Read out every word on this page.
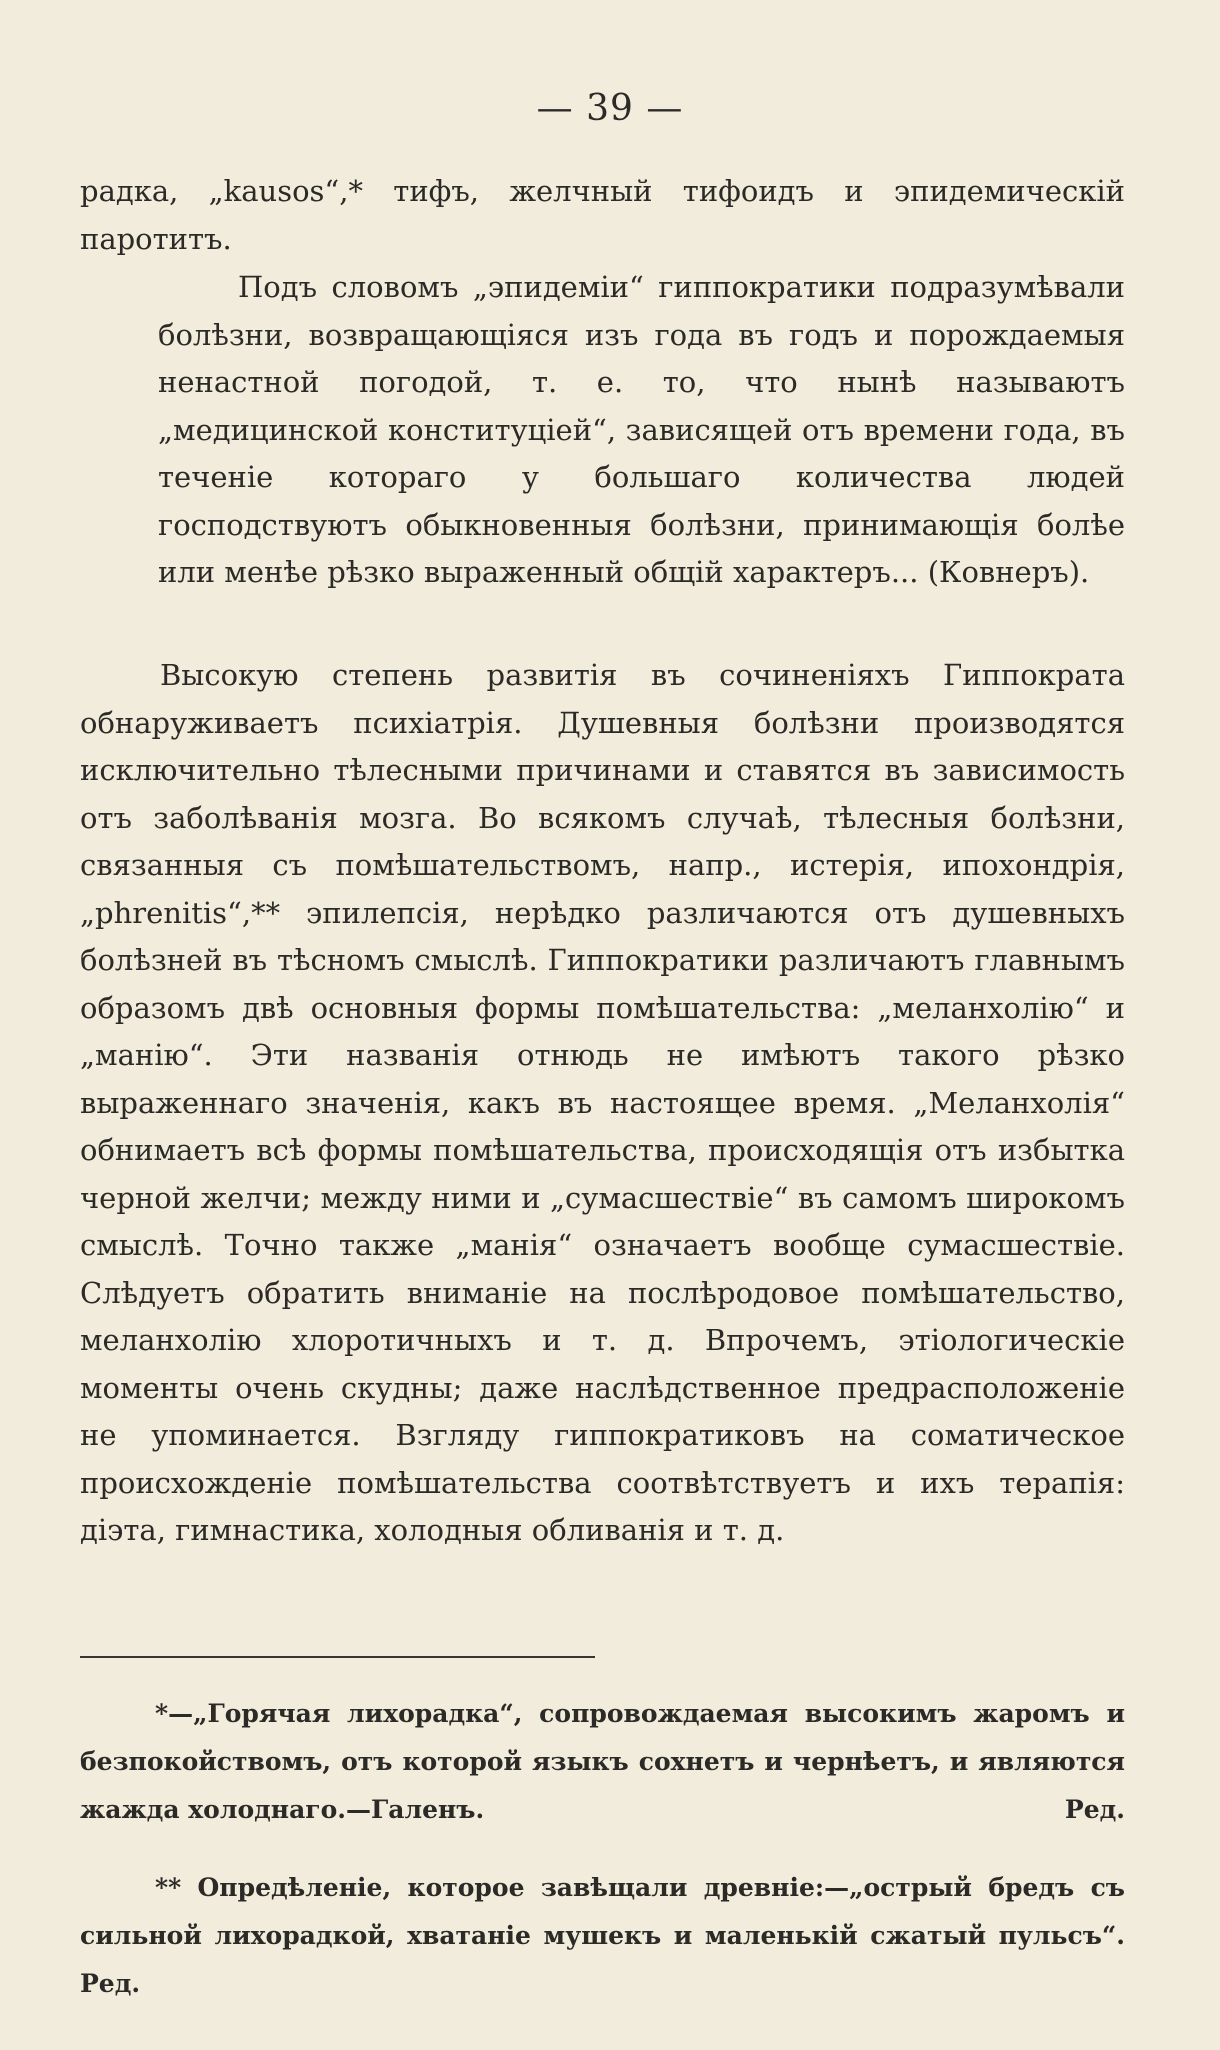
— 39 —

радка, „kausos“,* тифъ, желчный тифоидъ и эпидемическій паротитъ.

Подъ словомъ „эпидеміи“ гиппократики подразумѣвали болѣзни, возвращающіяся изъ года въ годъ и порождаемыя ненастной погодой, т. е. то, что нынѣ называютъ „медицинской конституціей“, зависящей отъ времени года, въ теченіе котораго у большаго количества людей господствуютъ обыкновенныя болѣзни, принимающія болѣе или менѣе рѣзко выраженный общій характеръ... (Ковнеръ).
Высокую степень развитія въ сочиненіяхъ Гиппократа обнаруживаетъ психіатрія. Душевныя болѣзни производятся исключительно тѣлесными причинами и ставятся въ зависимость отъ заболѣванія мозга. Во всякомъ случаѣ, тѣлесныя болѣзни, связанныя съ помѣшательствомъ, напр., истерія, ипохондрія, „phrenitis“,** эпилепсія, нерѣдко различаются отъ душевныхъ болѣзней въ тѣсномъ смыслѣ. Гиппократики различаютъ главнымъ образомъ двѣ основныя формы помѣшательства: „меланхолію“ и „манію“. Эти названія отнюдь не имѣютъ такого рѣзко выраженнаго значенія, какъ въ настоящее время. „Меланхолія“ обнимаетъ всѣ формы помѣшательства, происходящія отъ избытка черной желчи; между ними и „сумасшествіе“ въ самомъ широкомъ смыслѣ. Точно также „манія“ означаетъ вообще сумасшествіе. Слѣдуетъ обратить вниманіе на послѣродовое помѣшательство, меланхолію хлоротичныхъ и т. д. Впрочемъ, этіологическіе моменты очень скудны; даже наслѣдственное предрасположеніе не упоминается. Взгляду гиппократиковъ на соматическое происхожденіе помѣшательства соотвѣтствуетъ и ихъ терапія: діэта, гимнастика, холодныя обливанія и т. д.
*—„Горячая лихорадка“, сопровождаемая высокимъ жаромъ и безпокойствомъ, отъ которой языкъ сохнетъ и чернѣетъ, и являются жажда холоднаго.—Галенъ.	Ред.
** Опредѣленіе, которое завѣщали древніе:—„острый бредъ съ сильной лихорадкой, хватаніе мушекъ и маленькій сжатый пульсъ“. Ред.
